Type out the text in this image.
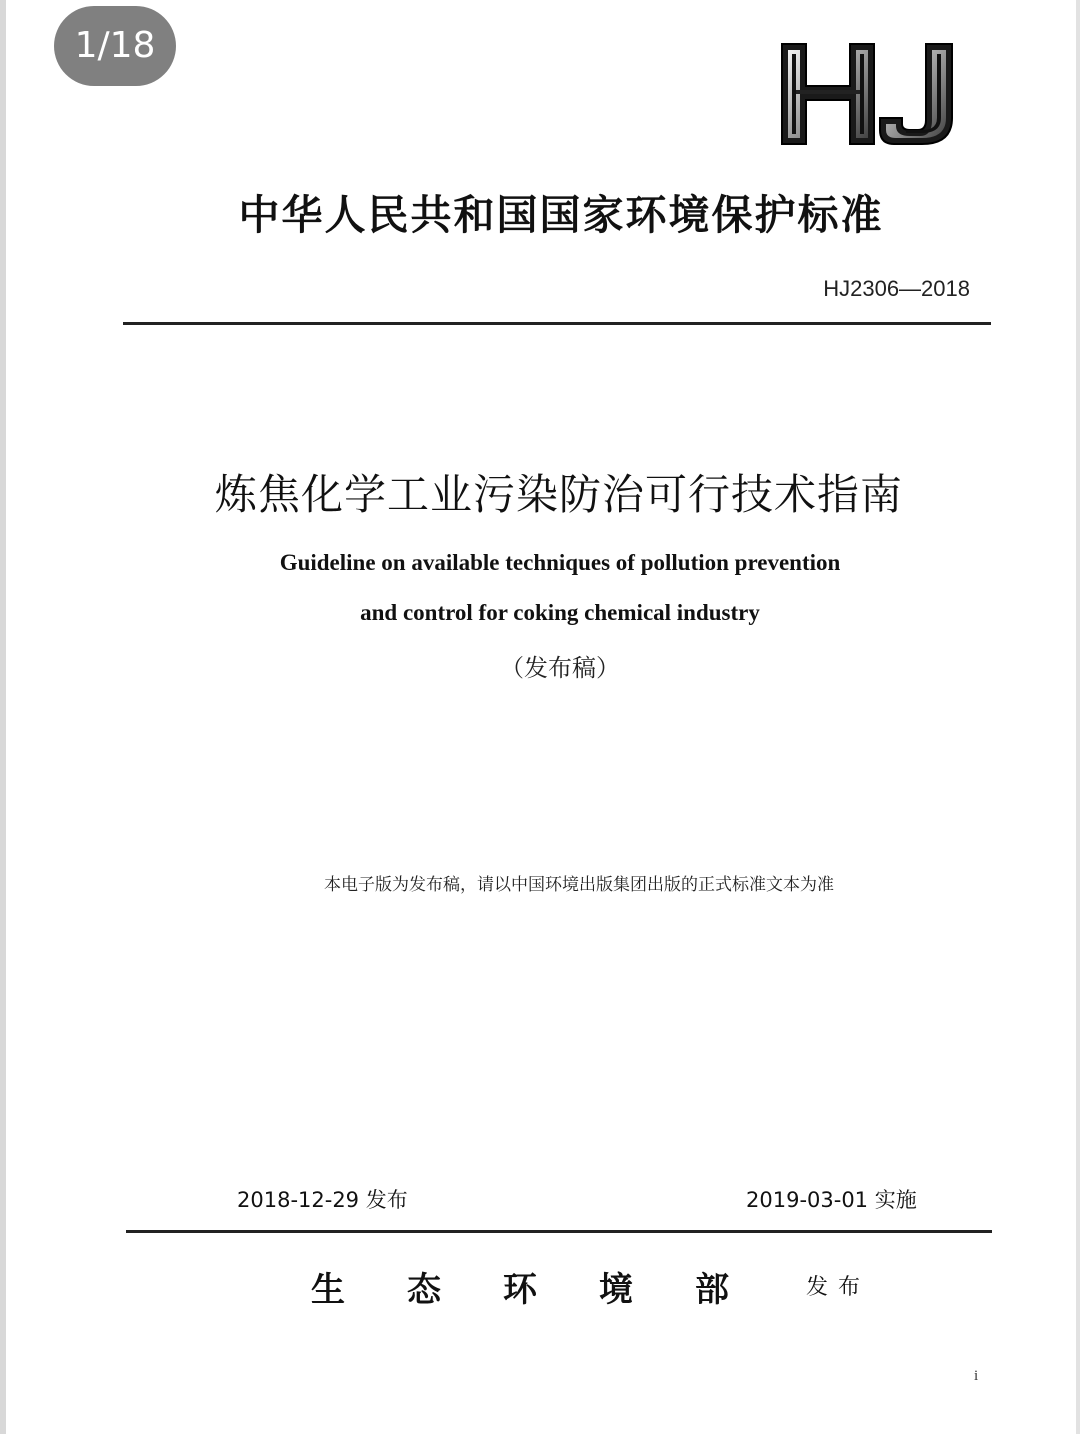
中华人民共和国国家环境保护标准
HJ2306—2018
炼焦化学工业污染防治可行技术指南
Guideline on available techniques of pollution prevention
and control for coking chemical industry
（发布稿）
本电子版为发布稿，请以中国环境出版集团出版的正式标准文本为准
2018-12-29 发布	2019-03-01 实施
生态环境部 发布
i
1/18
